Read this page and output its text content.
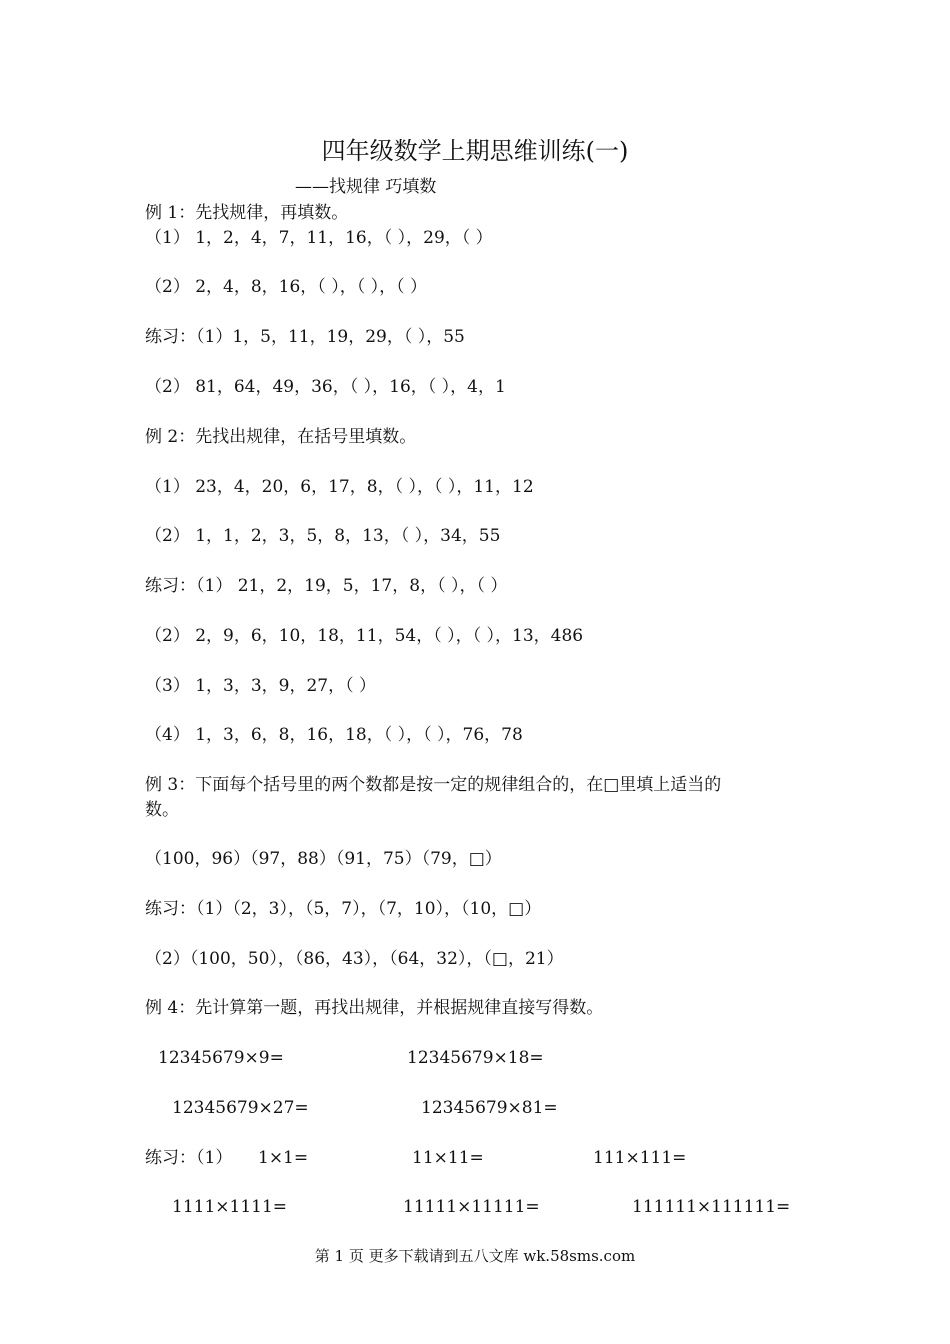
四年级数学上期思维训练(一)
——找规律 巧填数
例 1：先找规律，再填数。
（1） 1，2，4，7，11，16，（ ），29，（ ）
（2） 2，4，8，16，（ ），（ ），（ ）
练习：（1）1，5，11，19，29，（ ），55
（2） 81，64，49，36，（ ），16，（ ），4，1
例 2：先找出规律，在括号里填数。
（1） 23，4，20，6，17，8，（ ），（ ），11，12
（2） 1，1，2，3，5，8，13，（ ），34，55
练习：（1） 21，2，19，5，17，8，（ ），（ ）
（2） 2，9，6，10，18，11，54，（ ），（ ），13，486
（3） 1，3，3，9，27，（ ）
（4） 1，3，6，8，16，18，（ ），（ ），76，78
例 3：下面每个括号里的两个数都是按一定的规律组合的，在□里填上适当的
数。
（100，96）（97，88）（91，75）（79，□）
练习：（1）（2，3），（5，7），（7，10），（10，□）
（2）（100，50），（86，43），（64，32），（□，21）
例 4：先计算第一题，再找出规律，并根据规律直接写得数。
12345679×9=	12345679×18=
12345679×27=	12345679×81=
练习：（1） 1×1=	11×11=	111×111=
1111×1111=	11111×11111=	111111×111111=
第 1 页 更多下载请到五八文库 wk.58sms.com
